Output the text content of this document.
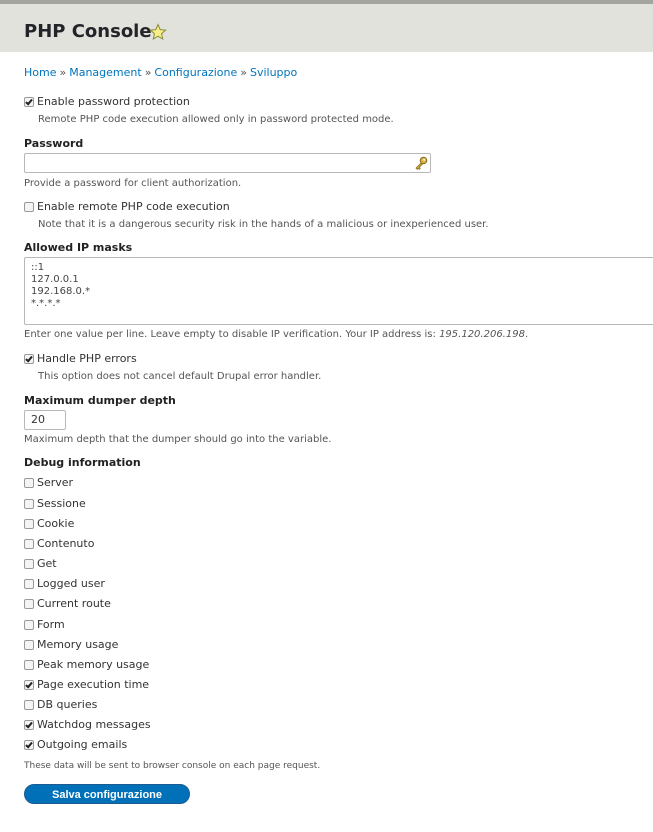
PHP Console
Home » Management » Configurazione » Sviluppo
Enable password protection
Remote PHP code execution allowed only in password protected mode.
Password
Provide a password for client authorization.
Enable remote PHP code execution
Note that it is a dangerous security risk in the hands of a malicious or inexperienced user.
Allowed IP masks
::1
127.0.0.1
192.168.0.*
*.*.*.*
Enter one value per line. Leave empty to disable IP verification. Your IP address is: 195.120.206.198.
Handle PHP errors
This option does not cancel default Drupal error handler.
Maximum dumper depth
20
Maximum depth that the dumper should go into the variable.
Debug information
Server
Sessione
Cookie
Contenuto
Get
Logged user
Current route
Form
Memory usage
Peak memory usage
Page execution time
DB queries
Watchdog messages
Outgoing emails
These data will be sent to browser console on each page request.
Salva configurazione
